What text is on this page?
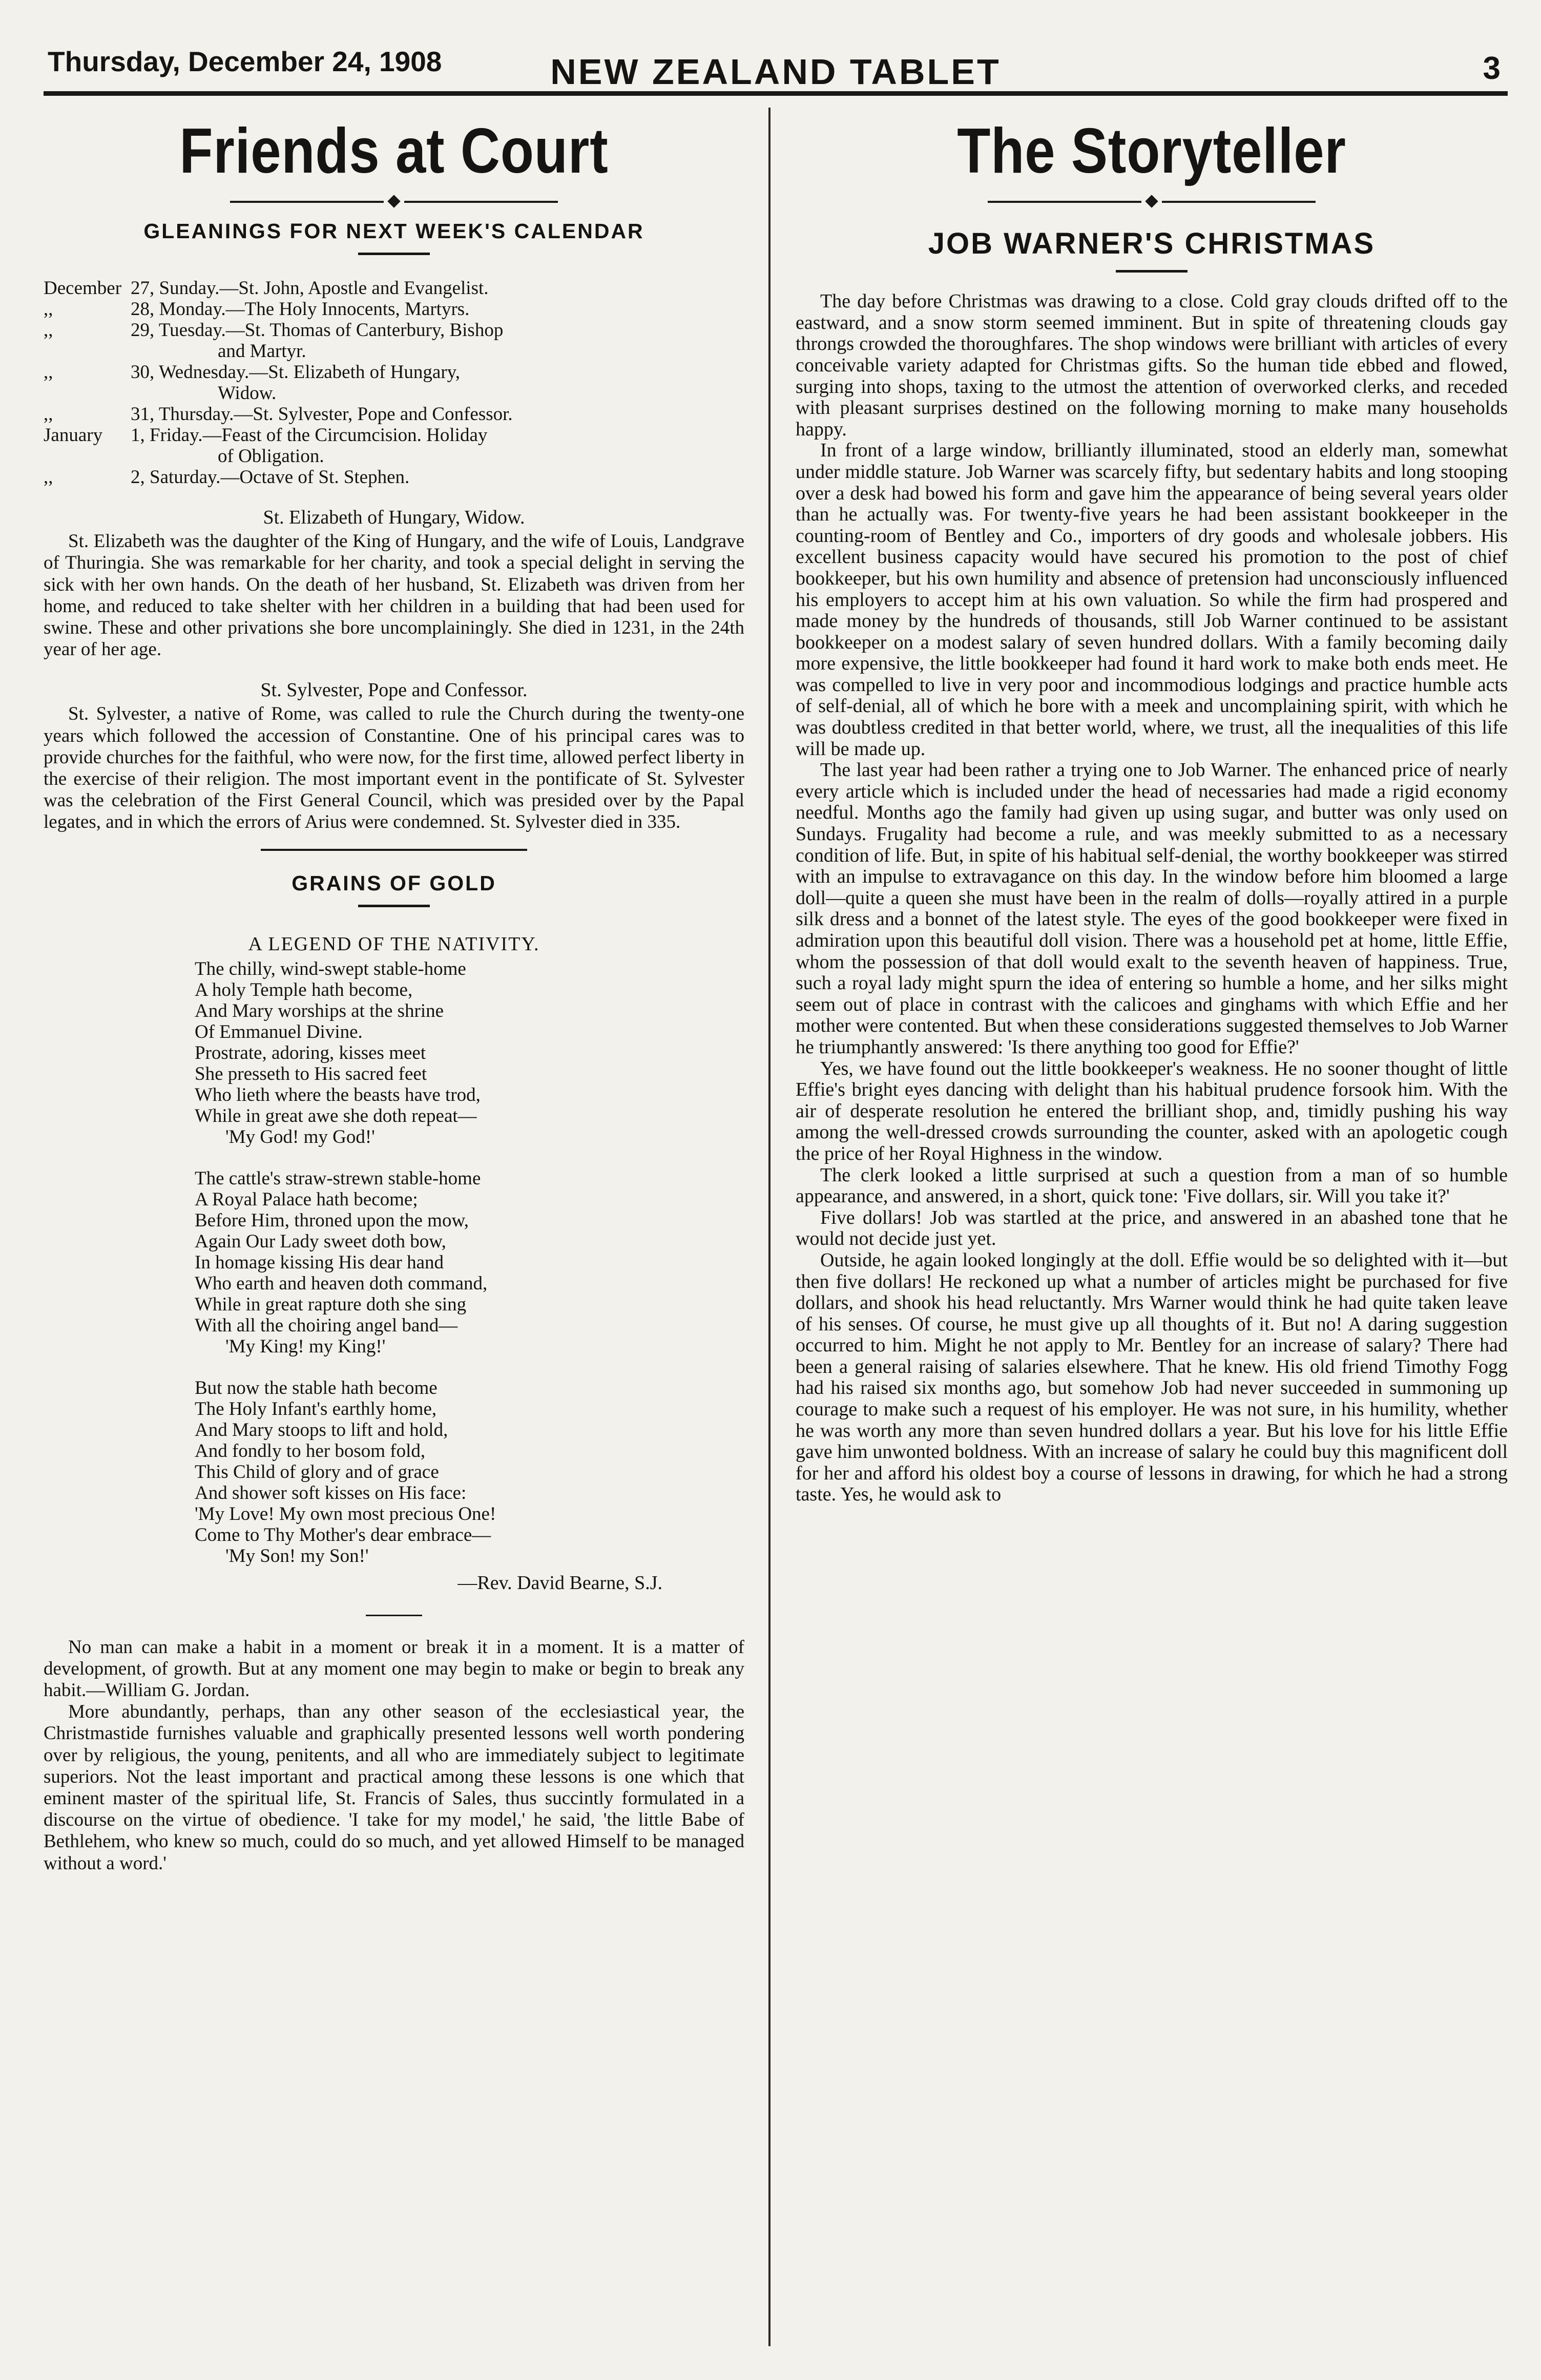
Thursday, December 24, 1908	NEW ZEALAND TABLET	3
Friends at Court
GLEANINGS FOR NEXT WEEK'S CALENDAR
December 27, Sunday.—St. John, Apostle and Evangelist.
,,	28, Monday.—The Holy Innocents, Martyrs.
,,	29, Tuesday.—St. Thomas of Canterbury, Bishop
and Martyr.
,,	30, Wednesday.—St. Elizabeth of Hungary,
Widow.
,,	31, Thursday.—St. Sylvester, Pope and Confessor.
January	1, Friday.—Feast of the Circumcision. Holiday
of Obligation.
,,	2, Saturday.—Octave of St. Stephen.
St. Elizabeth of Hungary, Widow.

St. Elizabeth was the daughter of the King of Hungary, and the wife of Louis, Landgrave of Thuringia. She was remarkable for her charity, and took a special delight in serving the sick with her own hands. On the death of her husband, St. Elizabeth was driven from her home, and reduced to take shelter with her children in a building that had been used for swine. These and other privations she bore uncomplainingly. She died in 1231, in the 24th year of her age.

St. Sylvester, Pope and Confessor.

St. Sylvester, a native of Rome, was called to rule the Church during the twenty-one years which followed the accession of Constantine. One of his principal cares was to provide churches for the faithful, who were now, for the first time, allowed perfect liberty in the exercise of their religion. The most important event in the pontificate of St. Sylvester was the celebration of the First General Council, which was presided over by the Papal legates, and in which the errors of Arius were condemned. St. Sylvester died in 335.

GRAINS OF GOLD
A LEGEND OF THE NATIVITY.
The chilly, wind-swept stable-home
A holy Temple hath become,
And Mary worships at the shrine
Of Emmanuel Divine.
Prostrate, adoring, kisses meet
She presseth to His sacred feet
Who lieth where the beasts have trod,
While in great awe she doth repeat—
'My God! my God!'
The cattle's straw-strewn stable-home
A Royal Palace hath become;
Before Him, throned upon the mow,
Again Our Lady sweet doth bow,
In homage kissing His dear hand
Who earth and heaven doth command,
While in great rapture doth she sing
With all the choiring angel band—
'My King! my King!'
But now the stable hath become
The Holy Infant's earthly home,
And Mary stoops to lift and hold,
And fondly to her bosom fold,
This Child of glory and of grace
And shower soft kisses on His face:
'My Love! My own most precious One!
Come to Thy Mother's dear embrace—
'My Son! my Son!'
—Rev. David Bearne, S.J.

No man can make a habit in a moment or break it in a moment. It is a matter of development, of growth. But at any moment one may begin to make or begin to break any habit.—William G. Jordan.

More abundantly, perhaps, than any other season of the ecclesiastical year, the Christmastide furnishes valuable and graphically presented lessons well worth pondering over by religious, the young, penitents, and all who are immediately subject to legitimate superiors. Not the least important and practical among these lessons is one which that eminent master of the spiritual life, St. Francis of Sales, thus succintly formulated in a discourse on the virtue of obedience. 'I take for my model,' he said, 'the little Babe of Bethlehem, who knew so much, could do so much, and yet allowed Himself to be managed without a word.'

The Storyteller
JOB WARNER'S CHRISTMAS

The day before Christmas was drawing to a close. Cold gray clouds drifted off to the eastward, and a snow storm seemed imminent. But in spite of threatening clouds gay throngs crowded the thoroughfares. The shop windows were brilliant with articles of every conceivable variety adapted for Christmas gifts. So the human tide ebbed and flowed, surging into shops, taxing to the utmost the attention of overworked clerks, and receded with pleasant surprises destined on the following morning to make many households happy.

In front of a large window, brilliantly illuminated, stood an elderly man, somewhat under middle stature. Job Warner was scarcely fifty, but sedentary habits and long stooping over a desk had bowed his form and gave him the appearance of being several years older than he actually was. For twenty-five years he had been assistant bookkeeper in the counting-room of Bentley and Co., importers of dry goods and wholesale jobbers. His excellent business capacity would have secured his promotion to the post of chief bookkeeper, but his own humility and absence of pretension had unconsciously influenced his employers to accept him at his own valuation. So while the firm had prospered and made money by the hundreds of thousands, still Job Warner continued to be assistant bookkeeper on a modest salary of seven hundred dollars. With a family becoming daily more expensive, the little bookkeeper had found it hard work to make both ends meet. He was compelled to live in very poor and incommodious lodgings and practice humble acts of self-denial, all of which he bore with a meek and uncomplaining spirit, with which he was doubtless credited in that better world, where, we trust, all the inequalities of this life will be made up.

The last year had been rather a trying one to Job Warner. The enhanced price of nearly every article which is included under the head of necessaries had made a rigid economy needful. Months ago the family had given up using sugar, and butter was only used on Sundays. Frugality had become a rule, and was meekly submitted to as a necessary condition of life. But, in spite of his habitual self-denial, the worthy bookkeeper was stirred with an impulse to extravagance on this day. In the window before him bloomed a large doll—quite a queen she must have been in the realm of dolls—royally attired in a purple silk dress and a bonnet of the latest style. The eyes of the good bookkeeper were fixed in admiration upon this beautiful doll vision. There was a household pet at home, little Effie, whom the possession of that doll would exalt to the seventh heaven of happiness. True, such a royal lady might spurn the idea of entering so humble a home, and her silks might seem out of place in contrast with the calicoes and ginghams with which Effie and her mother were contented. But when these considerations suggested themselves to Job Warner he triumphantly answered: 'Is there anything too good for Effie?'

Yes, we have found out the little bookkeeper's weakness. He no sooner thought of little Effie's bright eyes dancing with delight than his habitual prudence forsook him. With the air of desperate resolution he entered the brilliant shop, and, timidly pushing his way among the well-dressed crowds surrounding the counter, asked with an apologetic cough the price of her Royal Highness in the window.

The clerk looked a little surprised at such a question from a man of so humble appearance, and answered, in a short, quick tone: 'Five dollars, sir. Will you take it?'

Five dollars! Job was startled at the price, and answered in an abashed tone that he would not decide just yet.

Outside, he again looked longingly at the doll. Effie would be so delighted with it—but then five dollars! He reckoned up what a number of articles might be purchased for five dollars, and shook his head reluctantly. Mrs Warner would think he had quite taken leave of his senses. Of course, he must give up all thoughts of it. But no! A daring suggestion occurred to him. Might he not apply to Mr. Bentley for an increase of salary? There had been a general raising of salaries elsewhere. That he knew. His old friend Timothy Fogg had his raised six months ago, but somehow Job had never succeeded in summoning up courage to make such a request of his employer. He was not sure, in his humility, whether he was worth any more than seven hundred dollars a year. But his love for his little Effie gave him unwonted boldness. With an increase of salary he could buy this magnificent doll for her and afford his oldest boy a course of lessons in drawing, for which he had a strong taste. Yes, he would ask to
